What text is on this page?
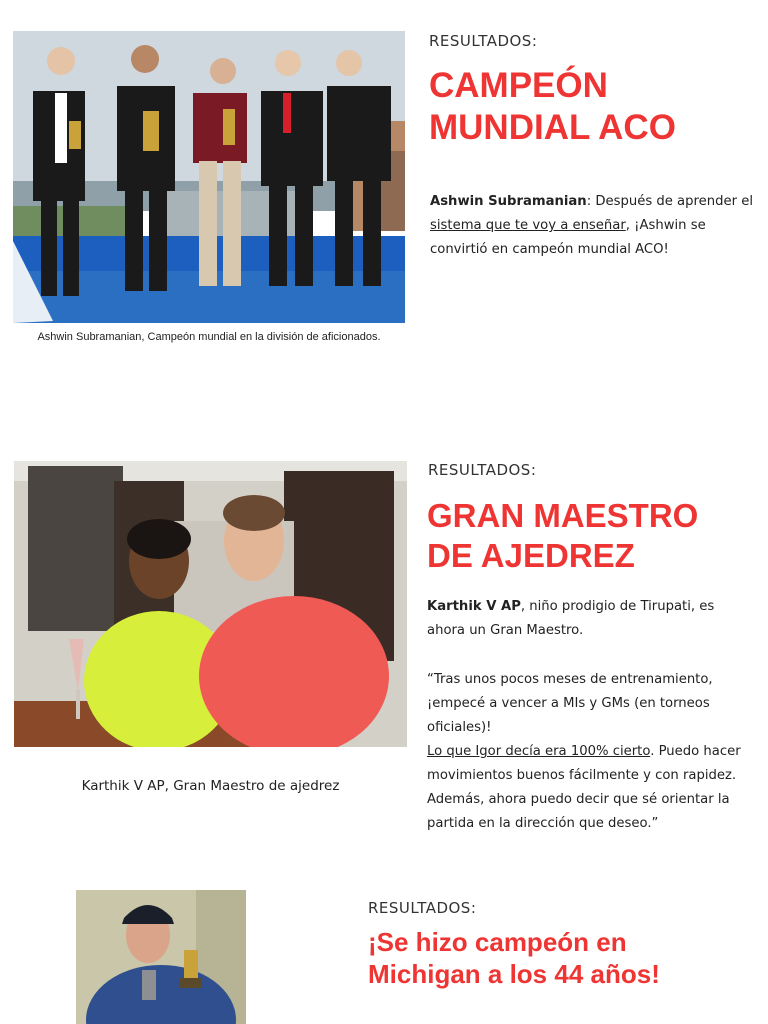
Ashwin Subramanian, Campeón mundial en la división de aficionados.
RESULTADOS:
CAMPEÓN
MUNDIAL ACO

Ashwin Subramanian: Después de aprender el sistema que te voy a enseñar, ¡Ashwin se convirtió en campeón mundial ACO!

Karthik V AP, Gran Maestro de ajedrez
RESULTADOS:
GRAN MAESTRO
DE AJEDREZ

Karthik V AP, niño prodigio de Tirupati, es ahora un Gran Maestro.

“Tras unos pocos meses de entrenamiento, ¡empecé a vencer a MIs y GMs (en torneos oficiales)!
Lo que Igor decía era 100% cierto. Puedo hacer movimientos buenos fácilmente y con rapidez. Además, ahora puedo decir que sé orientar la partida en la dirección que deseo.”

RESULTADOS:
¡Se hizo campeón en
Michigan a los 44 años!
